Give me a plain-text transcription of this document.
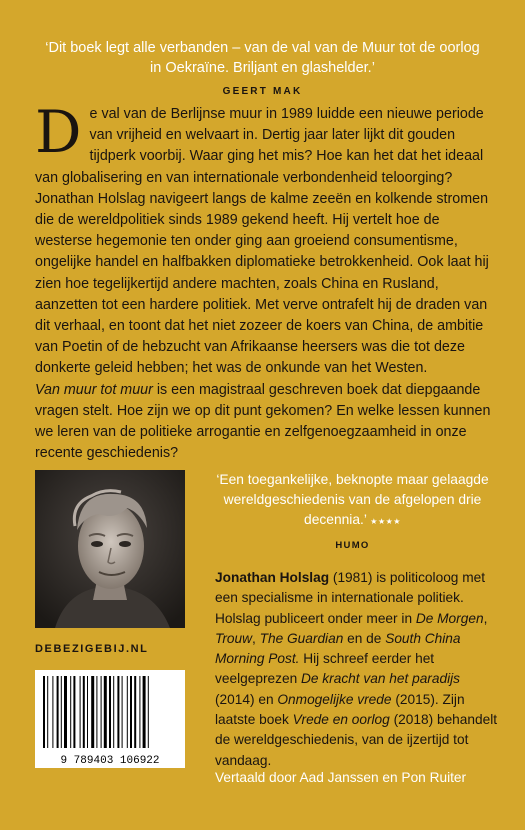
‘Dit boek legt alle verbanden – van de val van de Muur tot de oorlog in Oekraïne. Briljant en glashelder.’
GEERT MAK
D e val van de Berlijnse muur in 1989 luidde een nieuwe periode van vrijheid en welvaart in. Dertig jaar later lijkt dit gouden tijdperk voorbij. Waar ging het mis? Hoe kan het dat het ideaal van globalisering en van internationale verbondenheid teloorging?

Jonathan Holslag navigeert langs de kalme zeeën en kolkende stromen die de wereldpolitiek sinds 1989 gekend heeft. Hij vertelt hoe de westerse hegemonie ten onder ging aan groeiend consumentisme, ongelijke handel en halfbakken diplomatieke betrokkenheid. Ook laat hij zien hoe tegelijkertijd andere machten, zoals China en Rusland, aanzetten tot een hardere politiek. Met verve ontrafelt hij de draden van dit verhaal, en toont dat het niet zozeer de koers van China, de ambitie van Poetin of de hebzucht van Afrikaanse heersers was die tot deze donkerte geleid hebben; het was de onkunde van het Westen.

Van muur tot muur is een magistraal geschreven boek dat diepgaande vragen stelt. Hoe zijn we op dit punt gekomen? En welke lessen kunnen we leren van de politieke arrogantie en zelfgenoegzaamheid in onze recente geschiedenis?

DEBEZIGEBIJ.NL
9 789403 106922
‘Een toegankelijke, beknopte maar gelaagde wereldgeschiedenis van de afgelopen drie decennia.’ ★★★★
HUMO
Jonathan Holslag (1981) is politicoloog met een specialisme in internationale politiek. Holslag publiceert onder meer in De Morgen, Trouw, The Guardian en de South China Morning Post. Hij schreef eerder het veelgeprezen De kracht van het paradijs (2014) en Onmogelijke vrede (2015). Zijn laatste boek Vrede en oorlog (2018) behandelt de wereldgeschiedenis, van de ijzertijd tot vandaag.
Vertaald door Aad Janssen en Pon Ruiter
